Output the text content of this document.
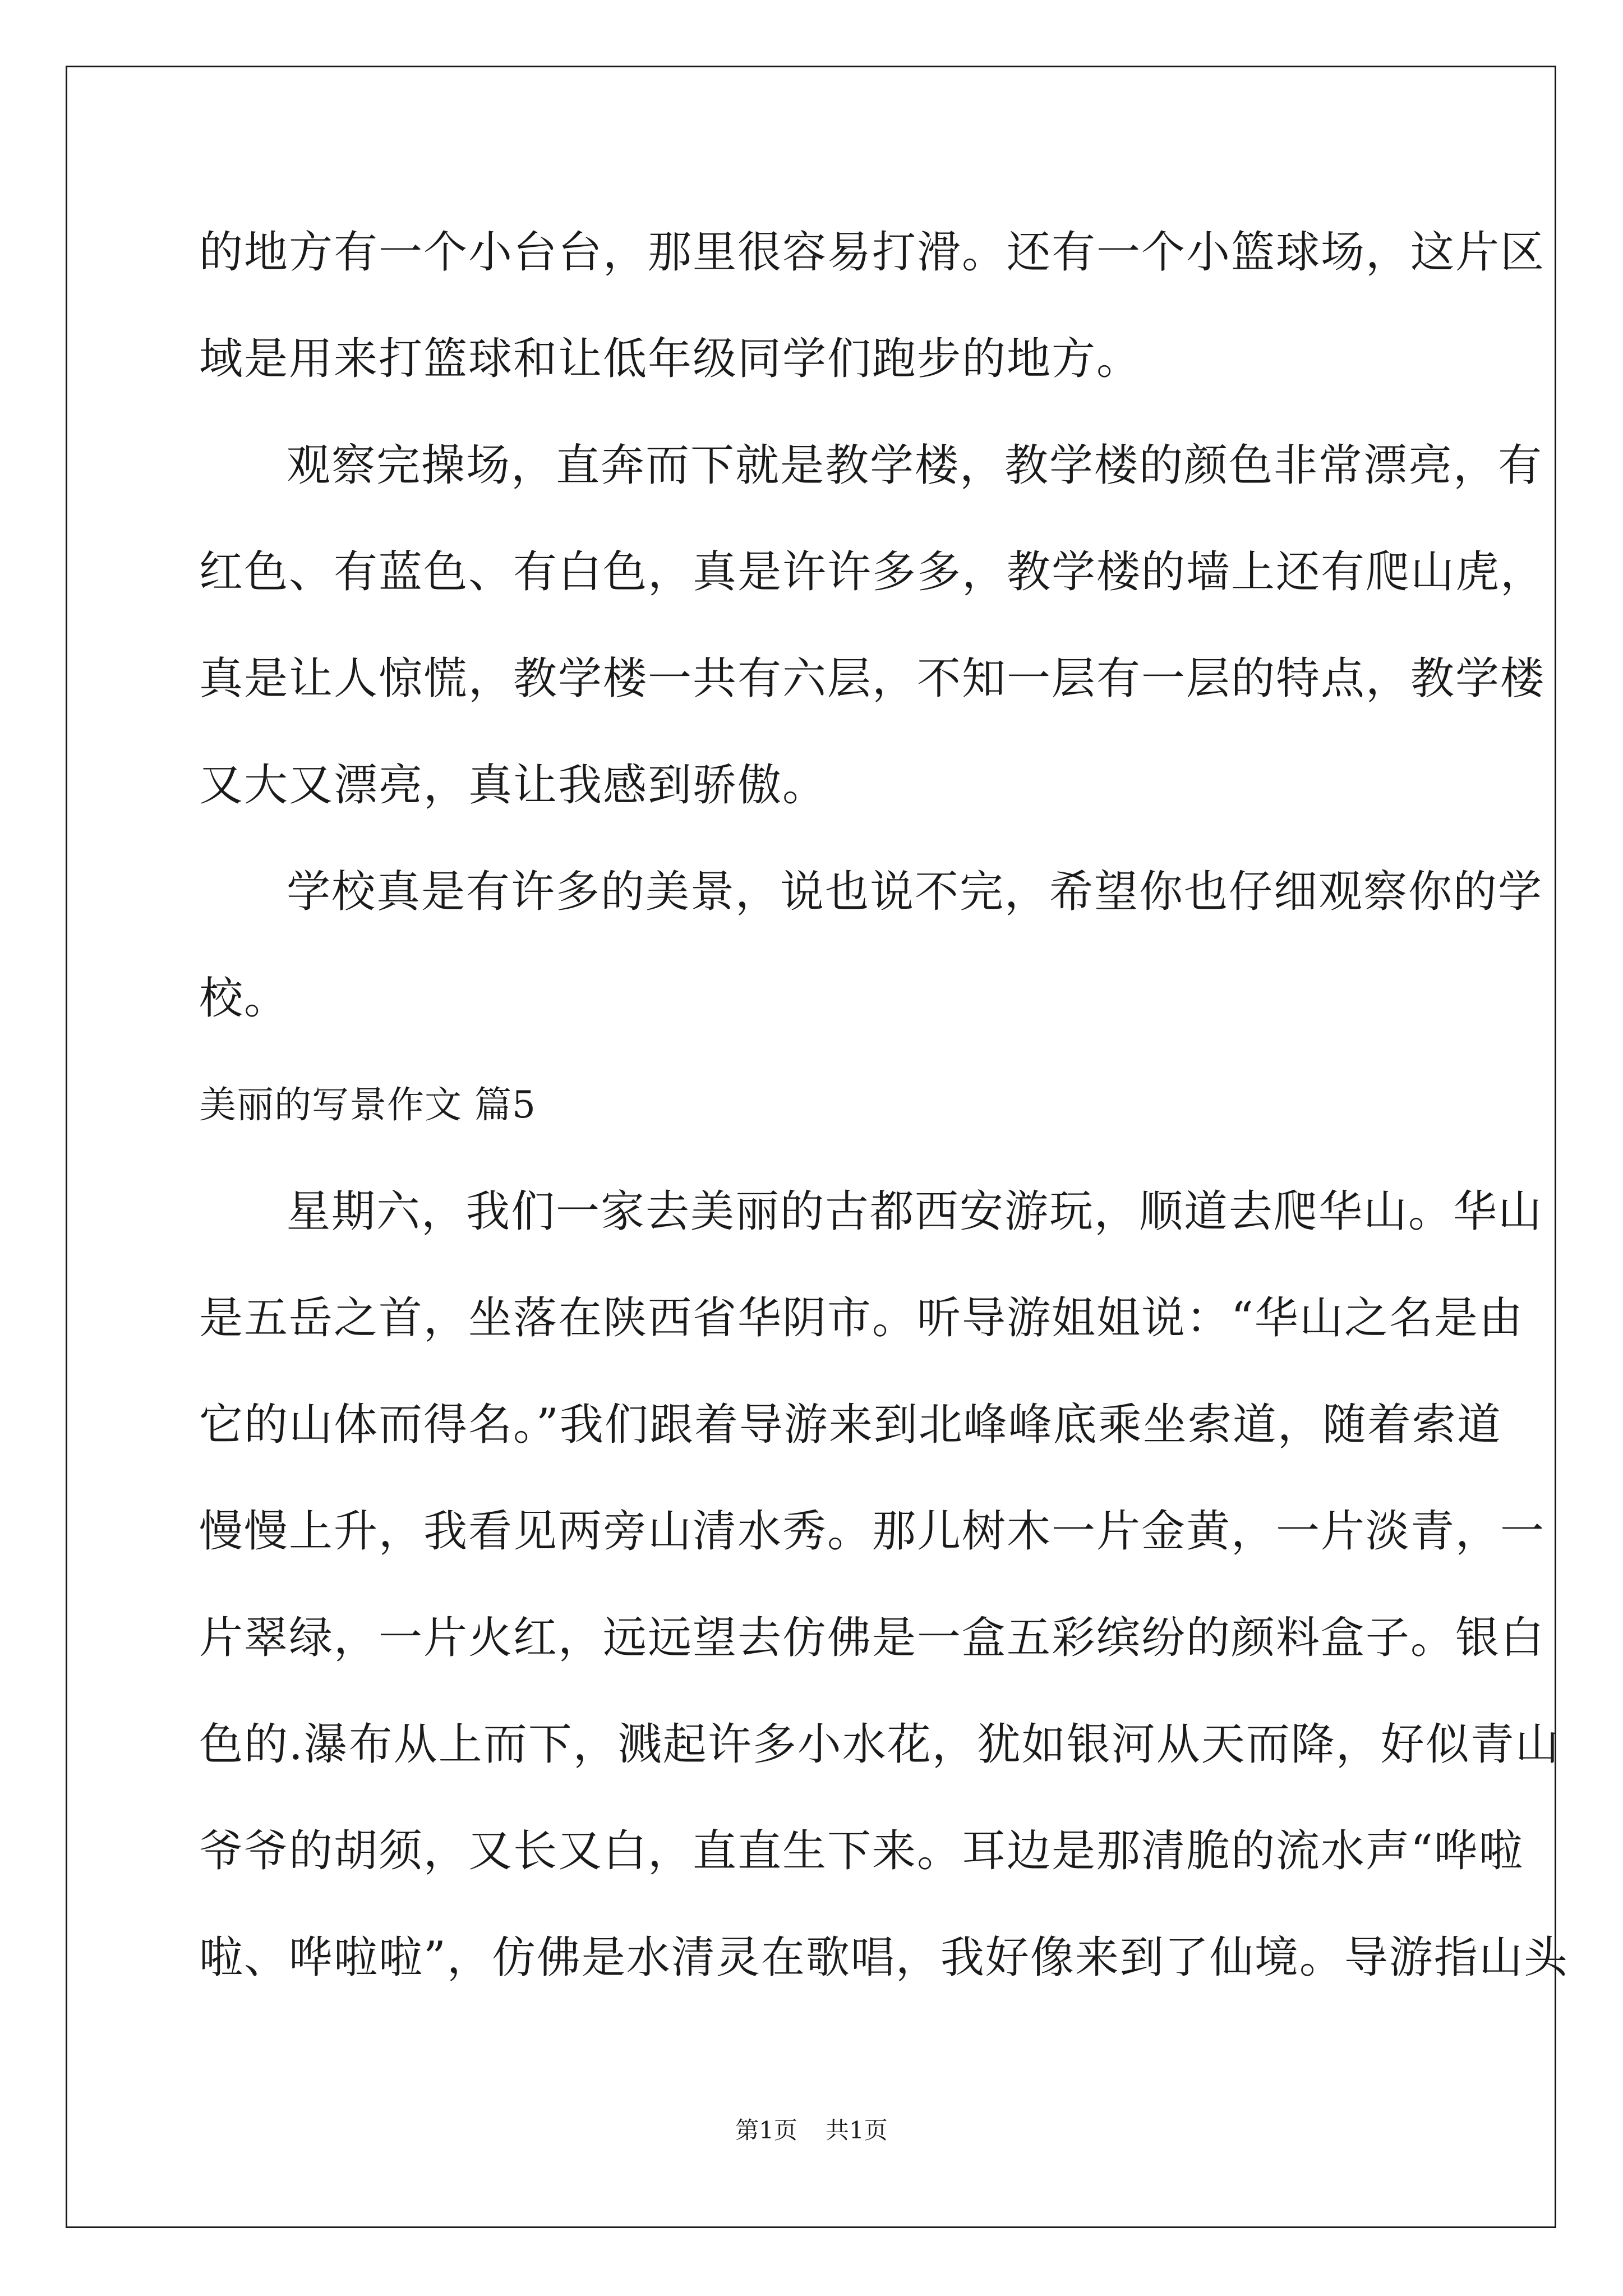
的地方有一个小台台，那里很容易打滑。还有一个小篮球场，这片区
域是用来打篮球和让低年级同学们跑步的地方。
观察完操场，直奔而下就是教学楼，教学楼的颜色非常漂亮，有
红色、有蓝色、有白色，真是许许多多，教学楼的墙上还有爬山虎，
真是让人惊慌，教学楼一共有六层，不知一层有一层的特点，教学楼
又大又漂亮，真让我感到骄傲。
学校真是有许多的美景，说也说不完，希望你也仔细观察你的学
校。
美丽的写景作文 篇5
星期六，我们一家去美丽的古都西安游玩，顺道去爬华山。华山
是五岳之首，坐落在陕西省华阴市。听导游姐姐说：“华山之名是由
它的山体而得名。”我们跟着导游来到北峰峰底乘坐索道，随着索道
慢慢上升，我看见两旁山清水秀。那儿树木一片金黄，一片淡青，一
片翠绿，一片火红，远远望去仿佛是一盒五彩缤纷的颜料盒子。银白
色的.瀑布从上而下，溅起许多小水花，犹如银河从天而降，好似青山
爷爷的胡须，又长又白，直直生下来。耳边是那清脆的流水声“哗啦
啦、哗啦啦”，仿佛是水清灵在歌唱，我好像来到了仙境。导游指山头
第1页 共1页
